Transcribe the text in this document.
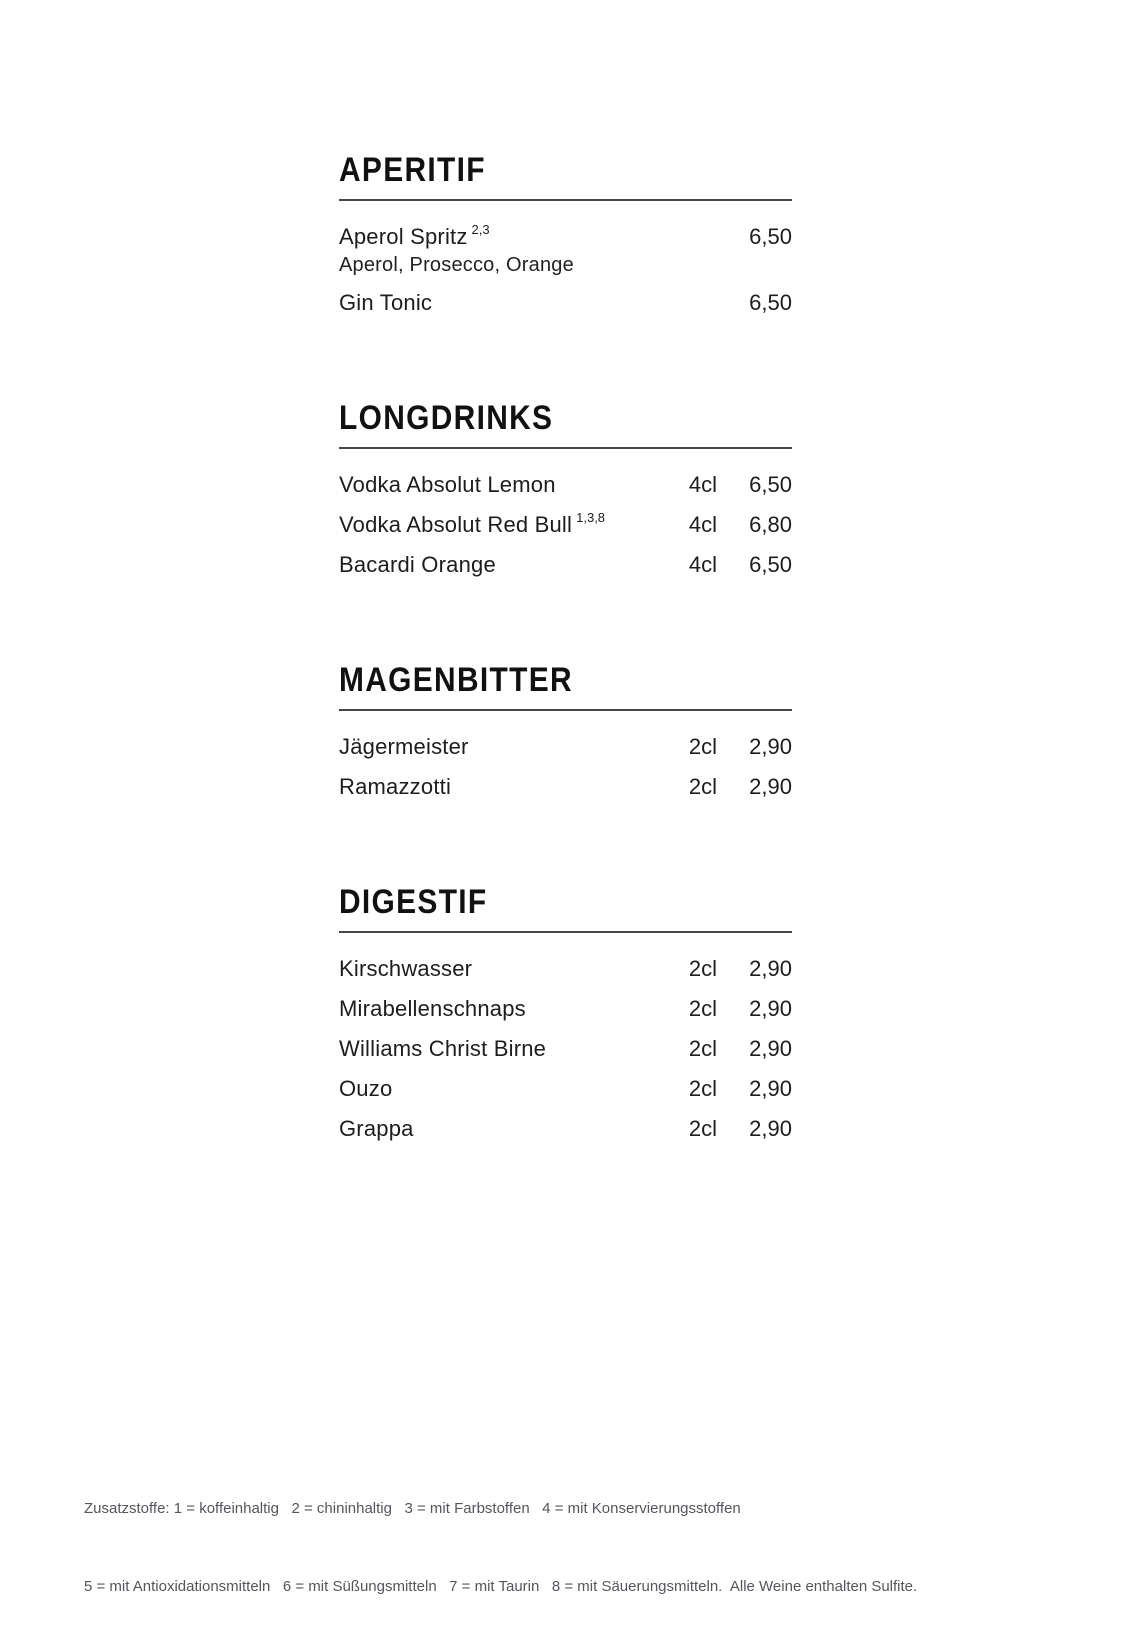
APERITIF
Aperol Spritz $^{2,3}$	6,50
Aperol, Prosecco, Orange
Gin Tonic	6,50
LONGDRINKS
Vodka Absolut Lemon	4cl	6,50
Vodka Absolut Red Bull $^{1,3,8}$	4cl	6,80
Bacardi Orange	4cl	6,50
MAGENBITTER
Jägermeister	2cl	2,90
Ramazzotti	2cl	2,90
DIGESTIF
Kirschwasser	2cl	2,90
Mirabellenschnaps	2cl	2,90
Williams Christ Birne	2cl	2,90
Ouzo	2cl	2,90
Grappa	2cl	2,90

Zusatzstoffe: 1 = koffeinhaltig   2 = chininhaltig   3 = mit Farbstoffen   4 = mit Konservierungsstoffen

5 = mit Antioxidationsmitteln   6 = mit Süßungsmitteln   7 = mit Taurin   8 = mit Säuerungsmitteln.  Alle Weine enthalten Sulfite.
